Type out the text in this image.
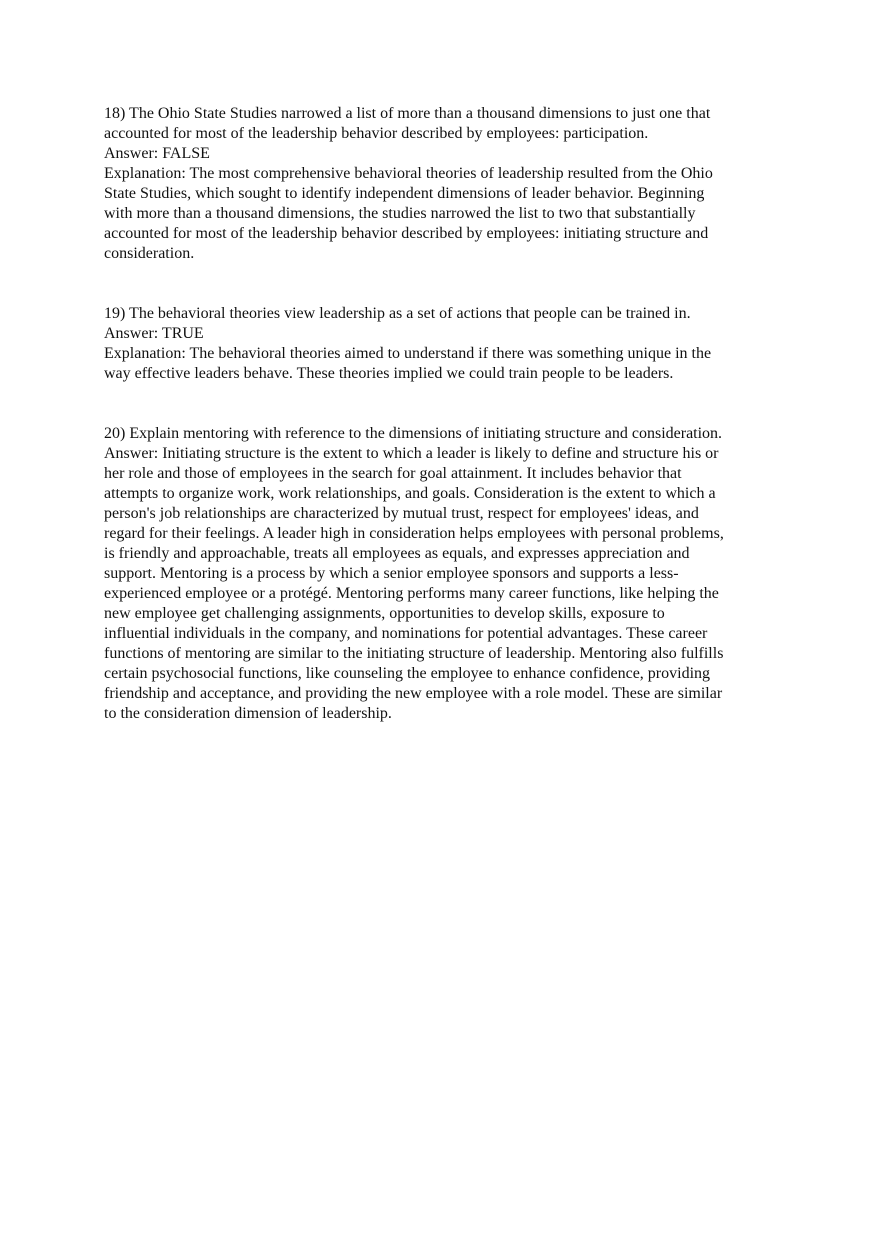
18) The Ohio State Studies narrowed a list of more than a thousand dimensions to just one that
accounted for most of the leadership behavior described by employees: participation.
Answer: FALSE
Explanation: The most comprehensive behavioral theories of leadership resulted from the Ohio
State Studies, which sought to identify independent dimensions of leader behavior. Beginning
with more than a thousand dimensions, the studies narrowed the list to two that substantially
accounted for most of the leadership behavior described by employees: initiating structure and
consideration.
19) The behavioral theories view leadership as a set of actions that people can be trained in.
Answer: TRUE
Explanation: The behavioral theories aimed to understand if there was something unique in the
way effective leaders behave. These theories implied we could train people to be leaders.
20) Explain mentoring with reference to the dimensions of initiating structure and consideration.
Answer: Initiating structure is the extent to which a leader is likely to define and structure his or
her role and those of employees in the search for goal attainment. It includes behavior that
attempts to organize work, work relationships, and goals. Consideration is the extent to which a
person's job relationships are characterized by mutual trust, respect for employees' ideas, and
regard for their feelings. A leader high in consideration helps employees with personal problems,
is friendly and approachable, treats all employees as equals, and expresses appreciation and
support. Mentoring is a process by which a senior employee sponsors and supports a less-
experienced employee or a protégé. Mentoring performs many career functions, like helping the
new employee get challenging assignments, opportunities to develop skills, exposure to
influential individuals in the company, and nominations for potential advantages. These career
functions of mentoring are similar to the initiating structure of leadership. Mentoring also fulfills
certain psychosocial functions, like counseling the employee to enhance confidence, providing
friendship and acceptance, and providing the new employee with a role model. These are similar
to the consideration dimension of leadership.
